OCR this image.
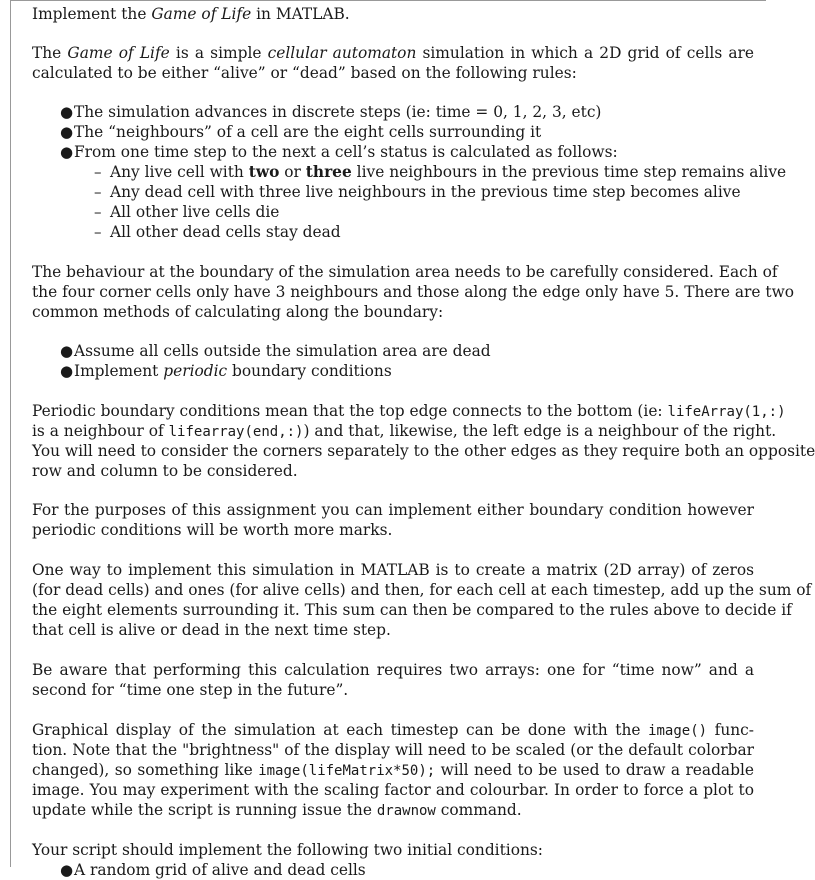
Implement the Game of Life in MATLAB.
The Game of Life is a simple cellular automaton simulation in which a 2D grid of cells are
calculated to be either “alive” or “dead” based on the following rules:
● The simulation advances in discrete steps (ie: time = 0, 1, 2, 3, etc)
● The “neighbours” of a cell are the eight cells surrounding it
● From one time step to the next a cell’s status is calculated as follows:
– Any live cell with two or three live neighbours in the previous time step remains alive
– Any dead cell with three live neighbours in the previous time step becomes alive
– All other live cells die
– All other dead cells stay dead
The behaviour at the boundary of the simulation area needs to be carefully considered. Each of
the four corner cells only have 3 neighbours and those along the edge only have 5. There are two
common methods of calculating along the boundary:
● Assume all cells outside the simulation area are dead
● Implement periodic boundary conditions
Periodic boundary conditions mean that the top edge connects to the bottom (ie: lifeArray(1,:)
is a neighbour of lifearray(end,:)) and that, likewise, the left edge is a neighbour of the right.
You will need to consider the corners separately to the other edges as they require both an opposite
row and column to be considered.
For the purposes of this assignment you can implement either boundary condition however
periodic conditions will be worth more marks.
One way to implement this simulation in MATLAB is to create a matrix (2D array) of zeros
(for dead cells) and ones (for alive cells) and then, for each cell at each timestep, add up the sum of
the eight elements surrounding it. This sum can then be compared to the rules above to decide if
that cell is alive or dead in the next time step.
Be aware that performing this calculation requires two arrays: one for “time now” and a
second for “time one step in the future”.
Graphical display of the simulation at each timestep can be done with the image() func-
tion. Note that the "brightness" of the display will need to be scaled (or the default colorbar
changed), so something like image(lifeMatrix*50); will need to be used to draw a readable
image. You may experiment with the scaling factor and colourbar. In order to force a plot to
update while the script is running issue the drawnow command.
Your script should implement the following two initial conditions:
● A random grid of alive and dead cells
